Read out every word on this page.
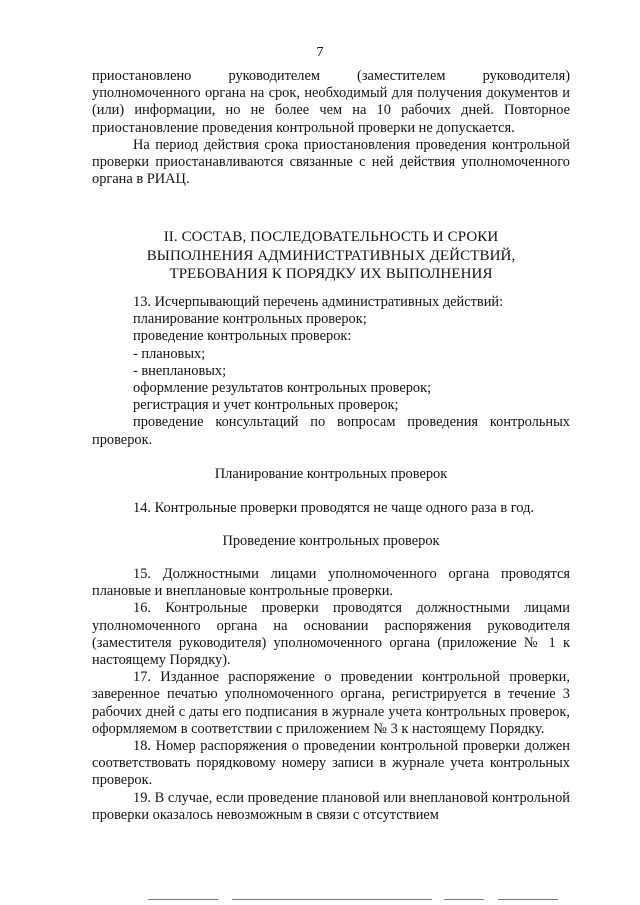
7

приостановлено руководителем (заместителем руководителя) уполномоченного органа на срок, необходимый для получения документов и (или) информации, но не более чем на 10 рабочих дней. Повторное приостановление проведения контрольной проверки не допускается.

На период действия срока приостановления проведения контрольной проверки приостанавливаются связанные с ней действия уполномоченного органа в РИАЦ.

II. СОСТАВ, ПОСЛЕДОВАТЕЛЬНОСТЬ И СРОКИ
ВЫПОЛНЕНИЯ АДМИНИСТРАТИВНЫХ ДЕЙСТВИЙ,
ТРЕБОВАНИЯ К ПОРЯДКУ ИХ ВЫПОЛНЕНИЯ

13. Исчерпывающий перечень административных действий:

планирование контрольных проверок;

проведение контрольных проверок:

- плановых;

- внеплановых;

оформление результатов контрольных проверок;

регистрация и учет контрольных проверок;

проведение консультаций по вопросам проведения контрольных проверок.

Планирование контрольных проверок

14. Контрольные проверки проводятся не чаще одного раза в год.

Проведение контрольных проверок

15. Должностными лицами уполномоченного органа проводятся плановые и внеплановые контрольные проверки.

16. Контрольные проверки проводятся должностными лицами уполномоченного органа на основании распоряжения руководителя (заместителя руководителя) уполномоченного органа (приложение № 1 к настоящему Порядку).

17. Изданное распоряжение о проведении контрольной проверки, заверенное печатью уполномоченного органа, регистрируется в течение 3 рабочих дней с даты его подписания в журнале учета контрольных проверок, оформляемом в соответствии с приложением № 3 к настоящему Порядку.

18. Номер распоряжения о проведении контрольной проверки должен соответствовать порядковому номеру записи в журнале учета контрольных проверок.

19. В случае, если проведение плановой или внеплановой контрольной проверки оказалось невозможным в связи с отсутствием
